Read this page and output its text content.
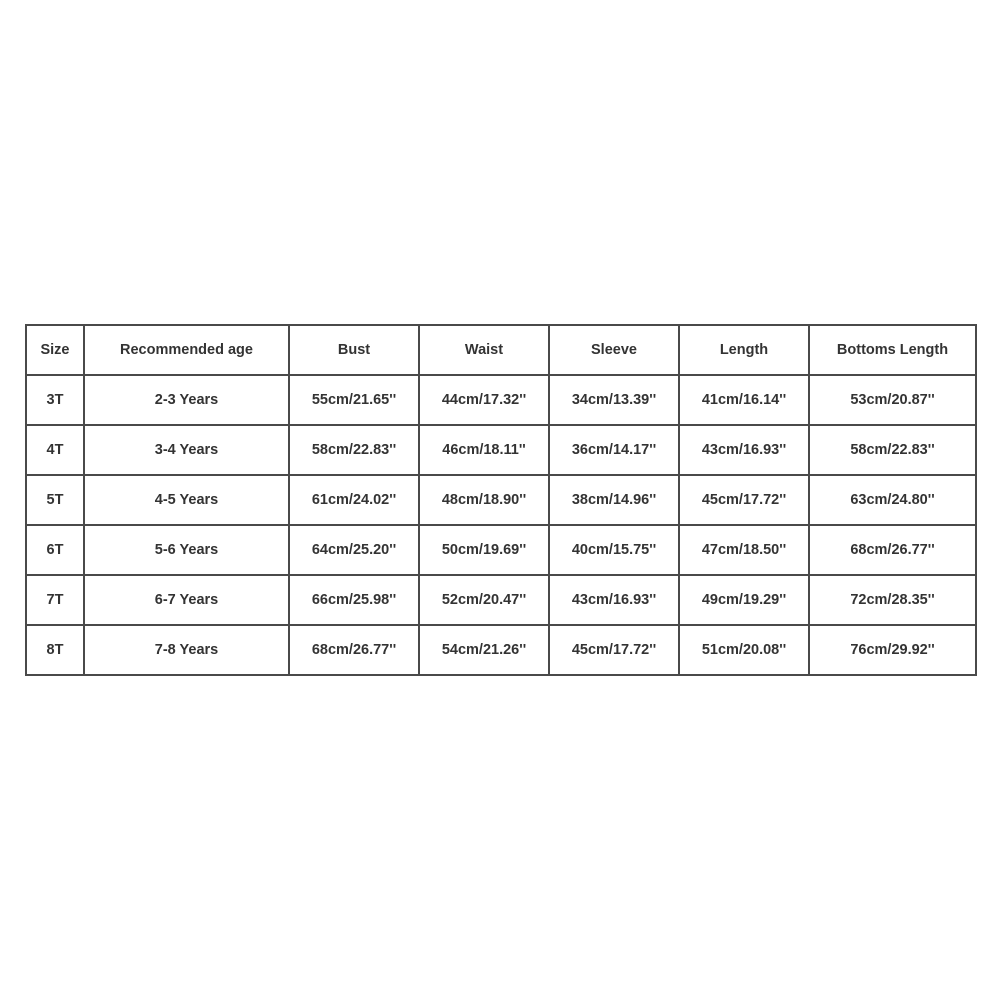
Size	Recommended age	Bust	Waist	Sleeve	Length	Bottoms Length
3T	2-3 Years	55cm/21.65''	44cm/17.32''	34cm/13.39''	41cm/16.14''	53cm/20.87''
4T	3-4 Years	58cm/22.83''	46cm/18.11''	36cm/14.17''	43cm/16.93''	58cm/22.83''
5T	4-5 Years	61cm/24.02''	48cm/18.90''	38cm/14.96''	45cm/17.72''	63cm/24.80''
6T	5-6 Years	64cm/25.20''	50cm/19.69''	40cm/15.75''	47cm/18.50''	68cm/26.77''
7T	6-7 Years	66cm/25.98''	52cm/20.47''	43cm/16.93''	49cm/19.29''	72cm/28.35''
8T	7-8 Years	68cm/26.77''	54cm/21.26''	45cm/17.72''	51cm/20.08''	76cm/29.92''
